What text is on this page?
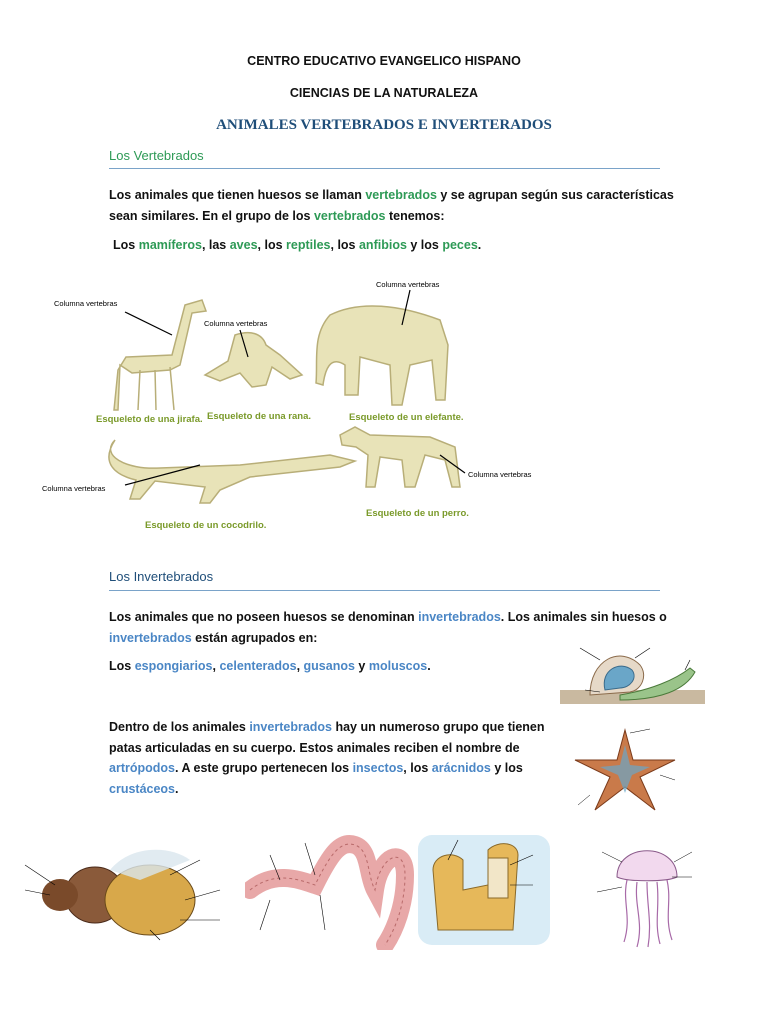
CENTRO EDUCATIVO EVANGELICO HISPANO
CIENCIAS DE LA NATURALEZA
ANIMALES VERTEBRADOS E INVERTERADOS
Los Vertebrados

Los animales que tienen huesos se llaman vertebrados y se agrupan según sus características sean similares. En el grupo de los vertebrados tenemos:

Los mamíferos, las aves, los reptiles, los anfibios y los peces.

Columna vertebras
Columna vertebras
Columna vertebras
Columna vertebras
Columna vertebras
Esqueleto de una jirafa. Esqueleto de una rana.	Esqueleto de un elefante.
Esqueleto de un cocodrilo.
Esqueleto de un perro.
Los Invertebrados

Los animales que no poseen huesos se denominan invertebrados. Los animales sin huesos o invertebrados están agrupados en:

Los espongiarios, celenterados, gusanos y moluscos.

Dentro de los animales invertebrados hay un numeroso grupo que tienen patas articuladas en su cuerpo. Estos animales reciben el nombre de artrópodos. A este grupo pertenecen los insectos, los arácnidos y los crustáceos.
